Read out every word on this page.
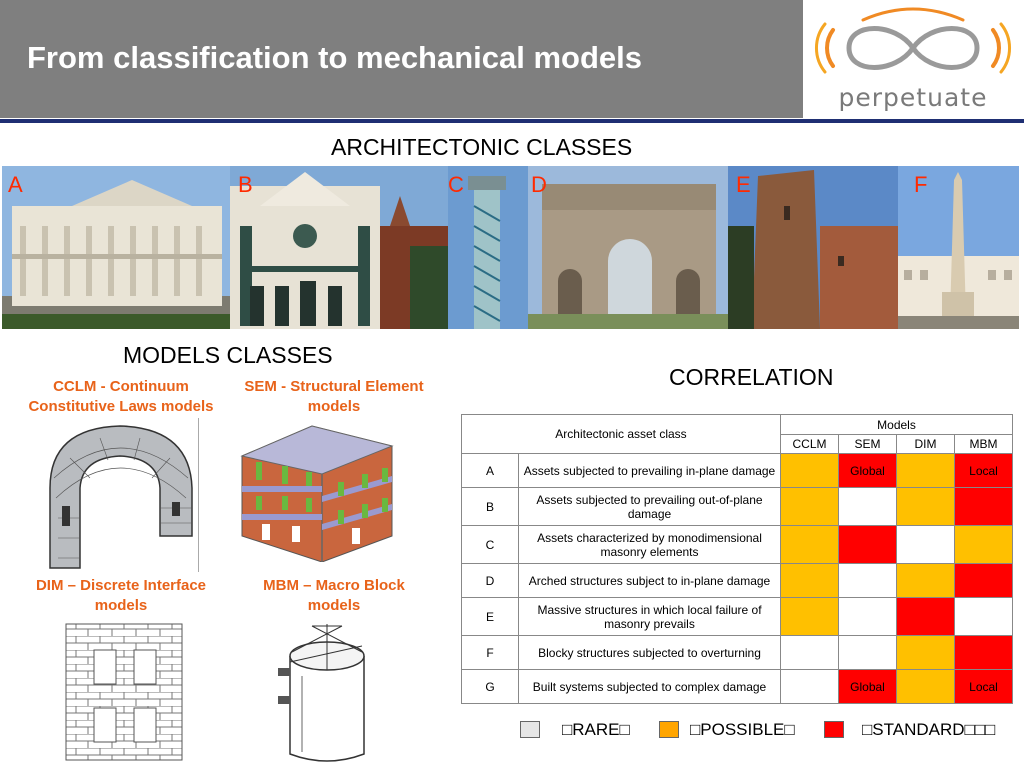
From classification to mechanical models
perpetuate
ARCHITECTONIC CLASSES
A	B	C	D	E	F
MODELS CLASSES
CCLM - Continuum Constitutive Laws models
SEM - Structural Element models
DIM – Discrete Interface models
MBM – Macro Block models
CORRELATION
Architectonic asset class		Models			
		CCLM	SEM	DIM	MBM
A	Assets subjected to prevailing in-plane damage		Global		Local
B	Assets subjected to prevailing out-of-plane damage				
C	Assets characterized by monodimensional masonry elements				
D	Arched structures subject to in-plane damage				
E	Massive structures in which local failure of masonry prevails				
F	Blocky structures subjected to overturning				
G	Built systems subjected to complex damage		Global		Local
□RARE□	□POSSIBLE□	□STANDARD□□□
